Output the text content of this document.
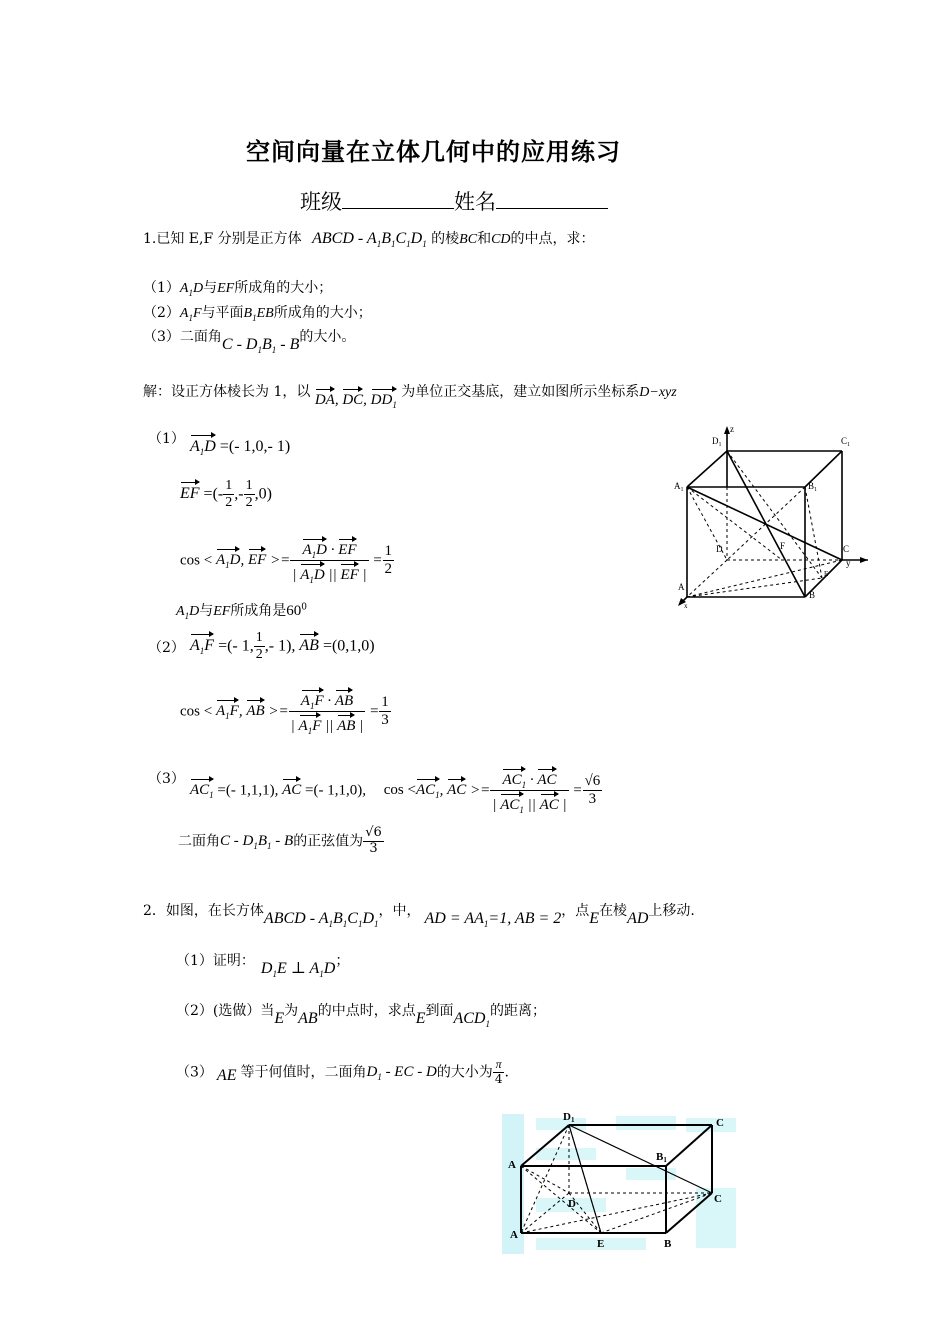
空间向量在立体几何中的应用练习
班级	姓名
1.已知 E,F 分别是正方体 ABCD - $A_1B_1C_1D_1$ 的棱BC和CD的中点，求：
$(1)A_1D$与EF所成角的大小；
$(2)A_1F$与平面$B_1EB$所成角的大小；
（3）二面角C - $D_1B_1$ - B的大小。
解：设正方体棱长为 1，以 DA, DC, $DD_1$ 为单位正交基底，建立如图所示坐标系D−xyz
（1） $A_1D$ =(- 1,0,- 1)
EF =(- $\frac{1}{2}$ ,- $\frac{1}{2} ,0$)
$\cos < A_1D$, EF >= $\frac{A_1D \cdot EF}{| A_1D || EF |} = \frac{1}{2}$
$A_1D$与EF所成角是$60^0$
（2） $A_1F$ =(- 1, $\frac{1}{2}$ ,- 1), AB =(0,1,0)
$\cos < A_1F$, AB >= $\frac{A_1F \cdot AB}{| A_1F || AB |} = \frac{1}{3}$
（3）
$AC_1$ =(- 1,1,1), AC =(- 1,1,0), $\cos <AC_1$, AC >= $\frac{AC_1 \cdot AC}{| AC_1 || AC |} = \frac{√6}{3}$
二面角C - $D_1B_1$ - B的正弦值为 $\frac{√6}{3}$
z
$D_1$	$C_1$
$A_1$	$B_1$
D	F	C
y
A
B
E
x
2．如图，在长方体ABCD - $A_1B_1C_1D_1$，中， AD = $AA_1=1$, AB = 2，点E在棱AD上移动.
（1）证明： $D_1E$ ⊥ $A_1D$；
（2）(选做）当E为AB的中点时，求点E到面$ACD_1$的距离；
（3） AE 等于何值时，二面角$D_1$ - EC - D的大小为 $\frac{\pi}{4}$ .
D1	C
A
B1
D	C
A
E	B
